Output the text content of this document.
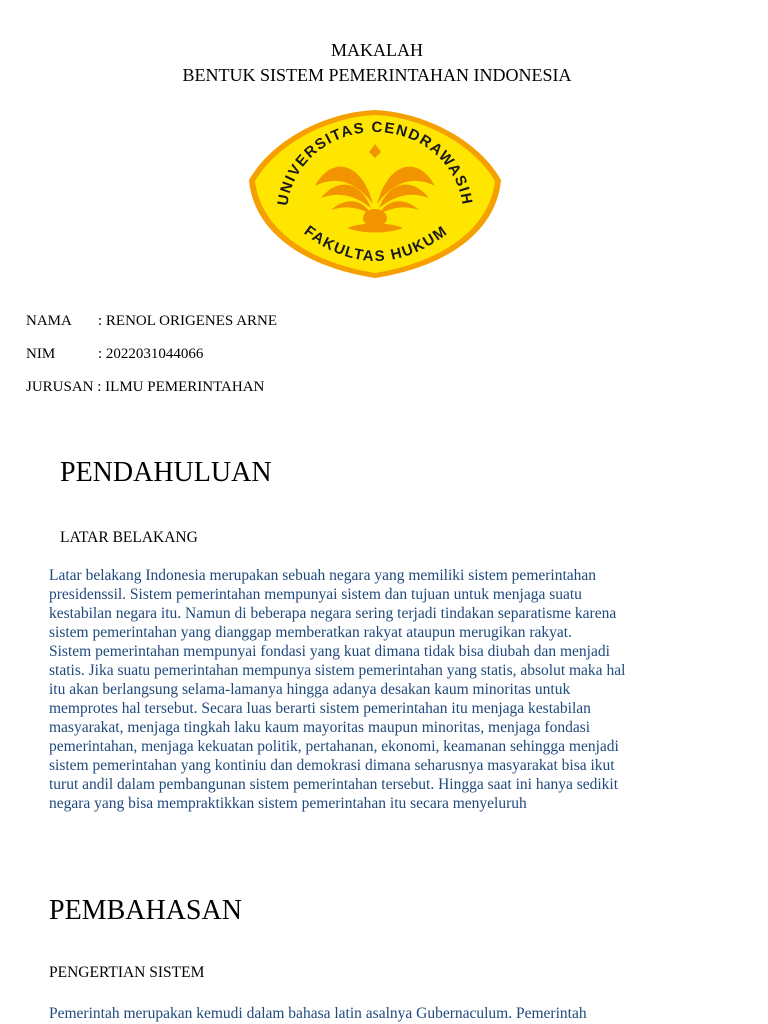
MAKALAH
BENTUK SISTEM PEMERINTAHAN INDONESIA
UNIVERSITAS CENDRAWASIH
FAKULTAS HUKUM
NAMA : RENOL ORIGENES ARNE
NIM	: 2022031044066
JURUSAN : ILMU PEMERINTAHAN
PENDAHULUAN
LATAR BELAKANG

Latar belakang Indonesia merupakan sebuah negara yang memiliki sistem pemerintahan presidenssil. Sistem pemerintahan mempunyai sistem dan tujuan untuk menjaga suatu kestabilan negara itu. Namun di beberapa negara sering terjadi tindakan separatisme karena sistem pemerintahan yang dianggap memberatkan rakyat ataupun merugikan rakyat.

Sistem pemerintahan mempunyai fondasi yang kuat dimana tidak bisa diubah dan menjadi statis. Jika suatu pemerintahan mempunya sistem pemerintahan yang statis, absolut maka hal itu akan berlangsung selama-lamanya hingga adanya desakan kaum minoritas untuk memprotes hal tersebut. Secara luas berarti sistem pemerintahan itu menjaga kestabilan masyarakat, menjaga tingkah laku kaum mayoritas maupun minoritas, menjaga fondasi pemerintahan, menjaga kekuatan politik, pertahanan, ekonomi, keamanan sehingga menjadi sistem pemerintahan yang kontiniu dan demokrasi dimana seharusnya masyarakat bisa ikut turut andil dalam pembangunan sistem pemerintahan tersebut. Hingga saat ini hanya sedikit negara yang bisa mempraktikkan sistem pemerintahan itu secara menyeluruh

PEMBAHASAN
PENGERTIAN SISTEM

Pemerintah merupakan kemudi dalam bahasa latin asalnya Gubernaculum. Pemerintah
